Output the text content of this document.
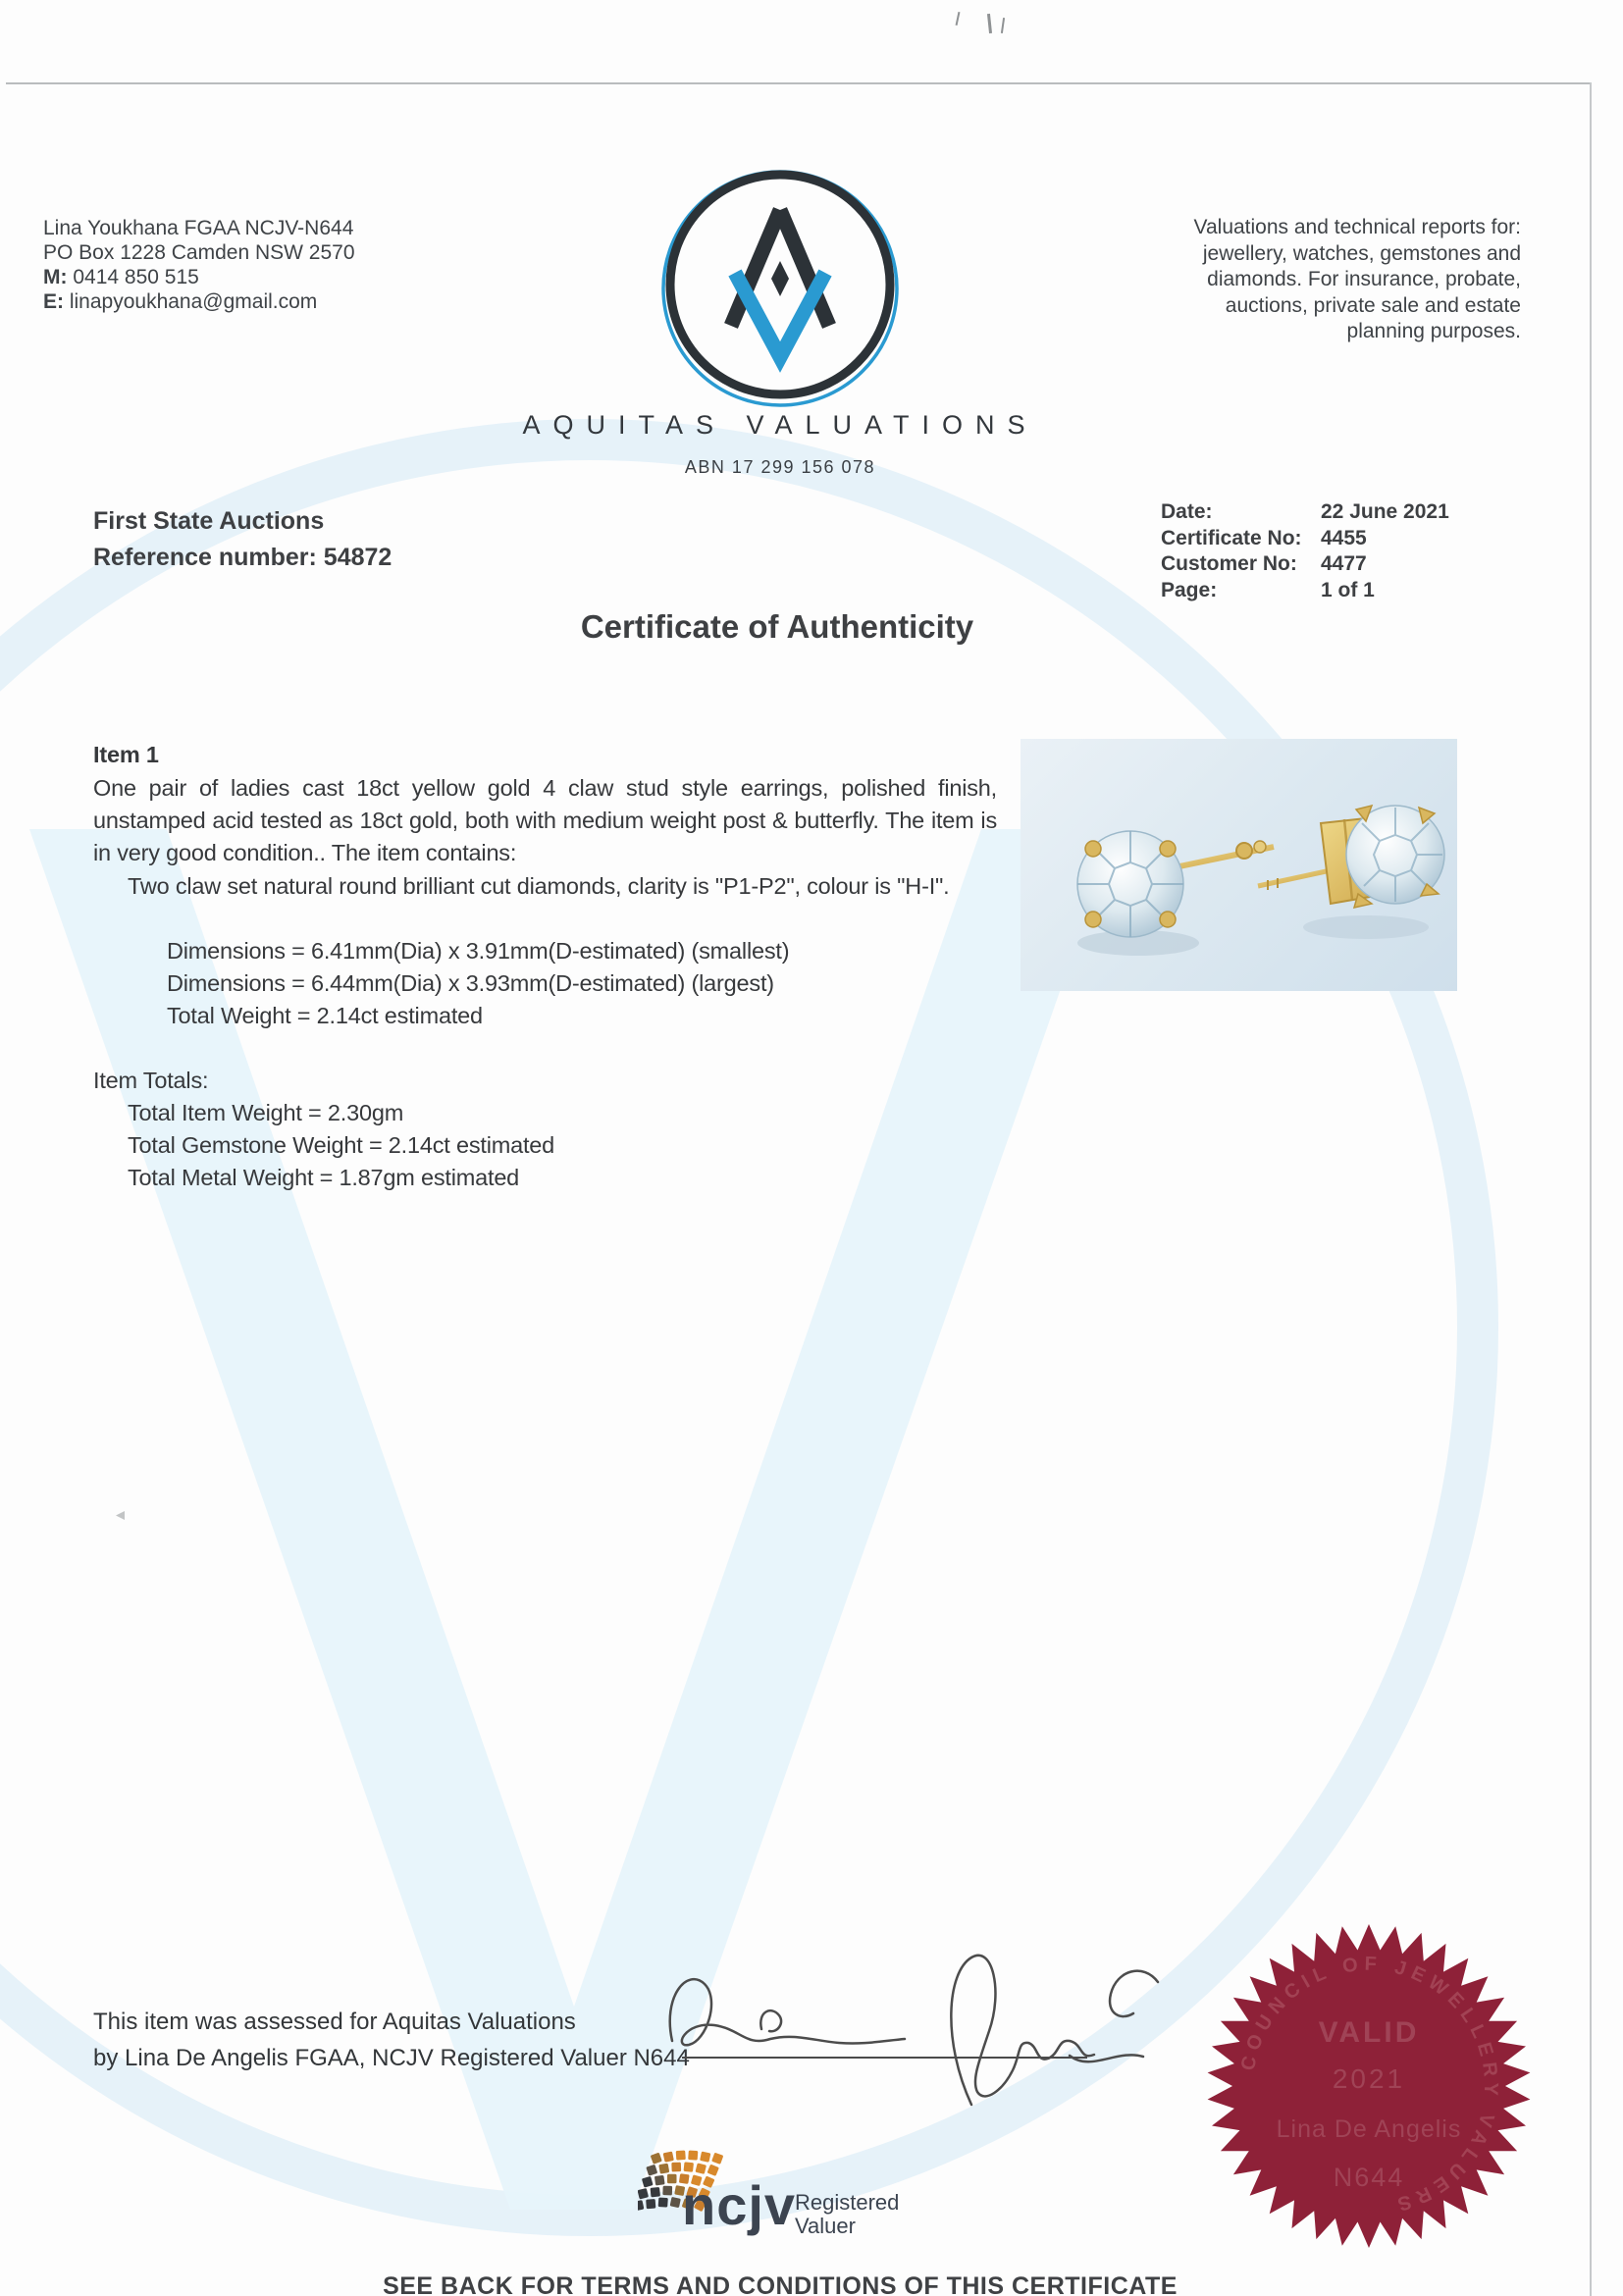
Lina Youkhana FGAA NCJV-N644
PO Box 1228 Camden NSW 2570
M: 0414 850 515
E: linapyoukhana@gmail.com
AQUITAS VALUATIONS
ABN 17 299 156 078
Valuations and technical reports for:
jewellery, watches, gemstones and
diamonds. For insurance, probate,
auctions, private sale and estate
planning purposes.
First State Auctions
Reference number: 54872
Date:	22 June 2021
Certificate No: 4455
Customer No:	4477
Page:	1 of 1
Certificate of Authenticity
Item 1
One pair of ladies cast 18ct yellow gold 4 claw stud style earrings, polished finish, unstamped acid tested as 18ct gold, both with medium weight post & butterfly. The item is in very good condition.. The item contains:
Two claw set natural round brilliant cut diamonds, clarity is "P1-P2", colour is "H-I".
Dimensions = 6.41mm(Dia) x 3.91mm(D-estimated) (smallest)
Dimensions = 6.44mm(Dia) x 3.93mm(D-estimated) (largest)
Total Weight = 2.14ct estimated
Item Totals:
Total Item Weight = 2.30gm
Total Gemstone Weight = 2.14ct estimated
Total Metal Weight = 1.87gm estimated
This item was assessed for Aquitas Valuations
by Lina De Angelis FGAA, NCJV Registered Valuer N644	COUNCIL OF JEWELLERY VALUERS
VALID
2021
Lina De Angelis
N644
ncjv
Registered
Valuer
SEE BACK FOR TERMS AND CONDITIONS OF THIS CERTIFICATE
